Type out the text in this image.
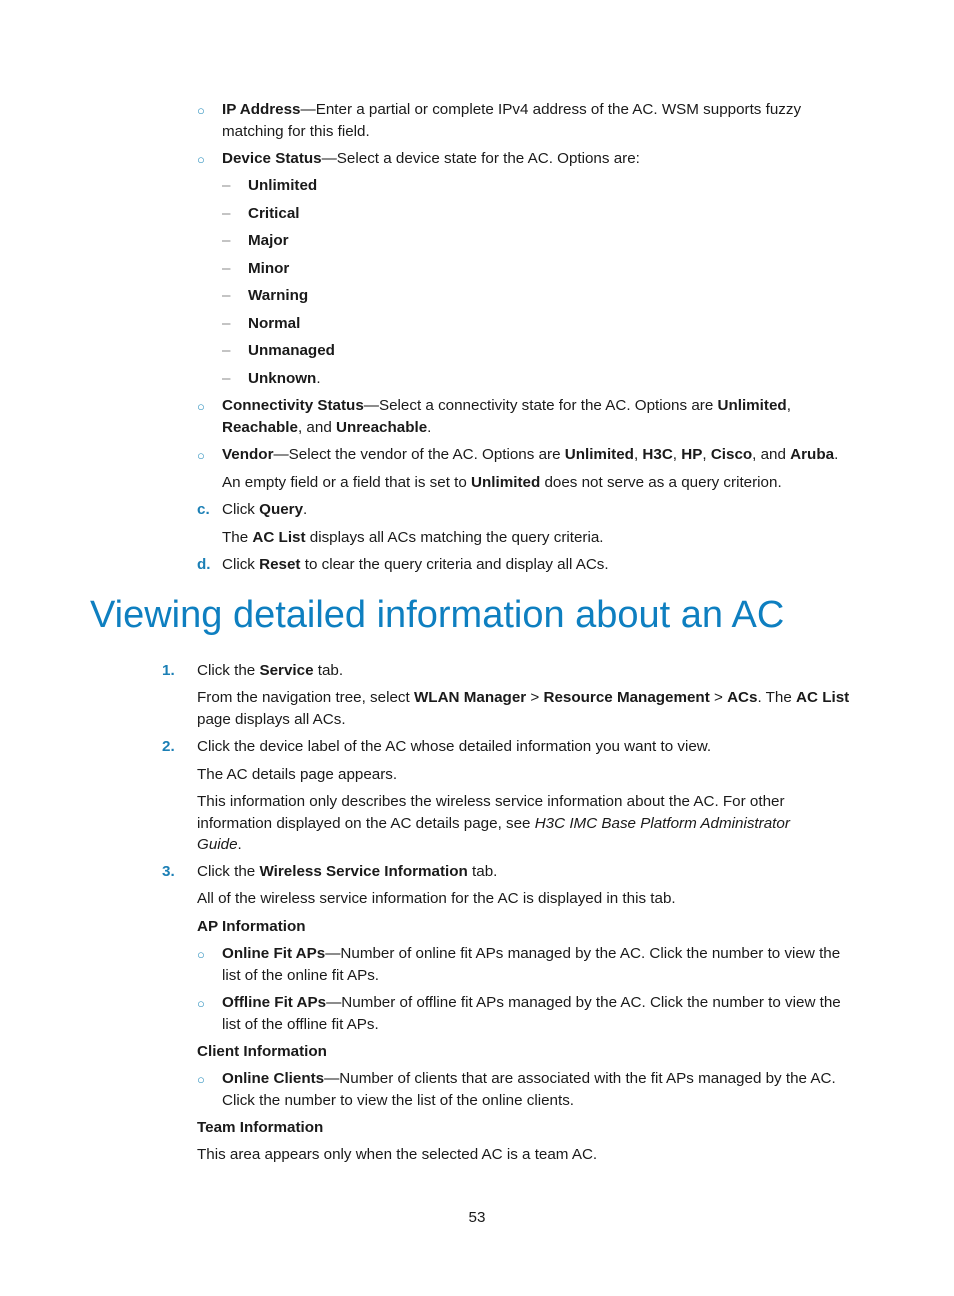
○ IP Address—Enter a partial or complete IPv4 address of the AC. WSM supports fuzzy matching for this field.
○ Device Status—Select a device state for the AC. Options are:
– Unlimited
– Critical
– Major
– Minor
– Warning
– Normal
– Unmanaged
– Unknown.
○ Connectivity Status—Select a connectivity state for the AC. Options are Unlimited, Reachable, and Unreachable.
○ Vendor—Select the vendor of the AC. Options are Unlimited, H3C, HP, Cisco, and Aruba.
An empty field or a field that is set to Unlimited does not serve as a query criterion.
c. Click Query.
The AC List displays all ACs matching the query criteria.
d. Click Reset to clear the query criteria and display all ACs.
Viewing detailed information about an AC
1. Click the Service tab.
From the navigation tree, select WLAN Manager > Resource Management > ACs. The AC List page displays all ACs.
2. Click the device label of the AC whose detailed information you want to view.
The AC details page appears.
This information only describes the wireless service information about the AC. For other information displayed on the AC details page, see H3C IMC Base Platform Administrator Guide.
3. Click the Wireless Service Information tab.
All of the wireless service information for the AC is displayed in this tab.
AP Information
○ Online Fit APs—Number of online fit APs managed by the AC. Click the number to view the list of the online fit APs.
○ Offline Fit APs—Number of offline fit APs managed by the AC. Click the number to view the list of the offline fit APs.
Client Information
○ Online Clients—Number of clients that are associated with the fit APs managed by the AC. Click the number to view the list of the online clients.
Team Information
This area appears only when the selected AC is a team AC.
53
